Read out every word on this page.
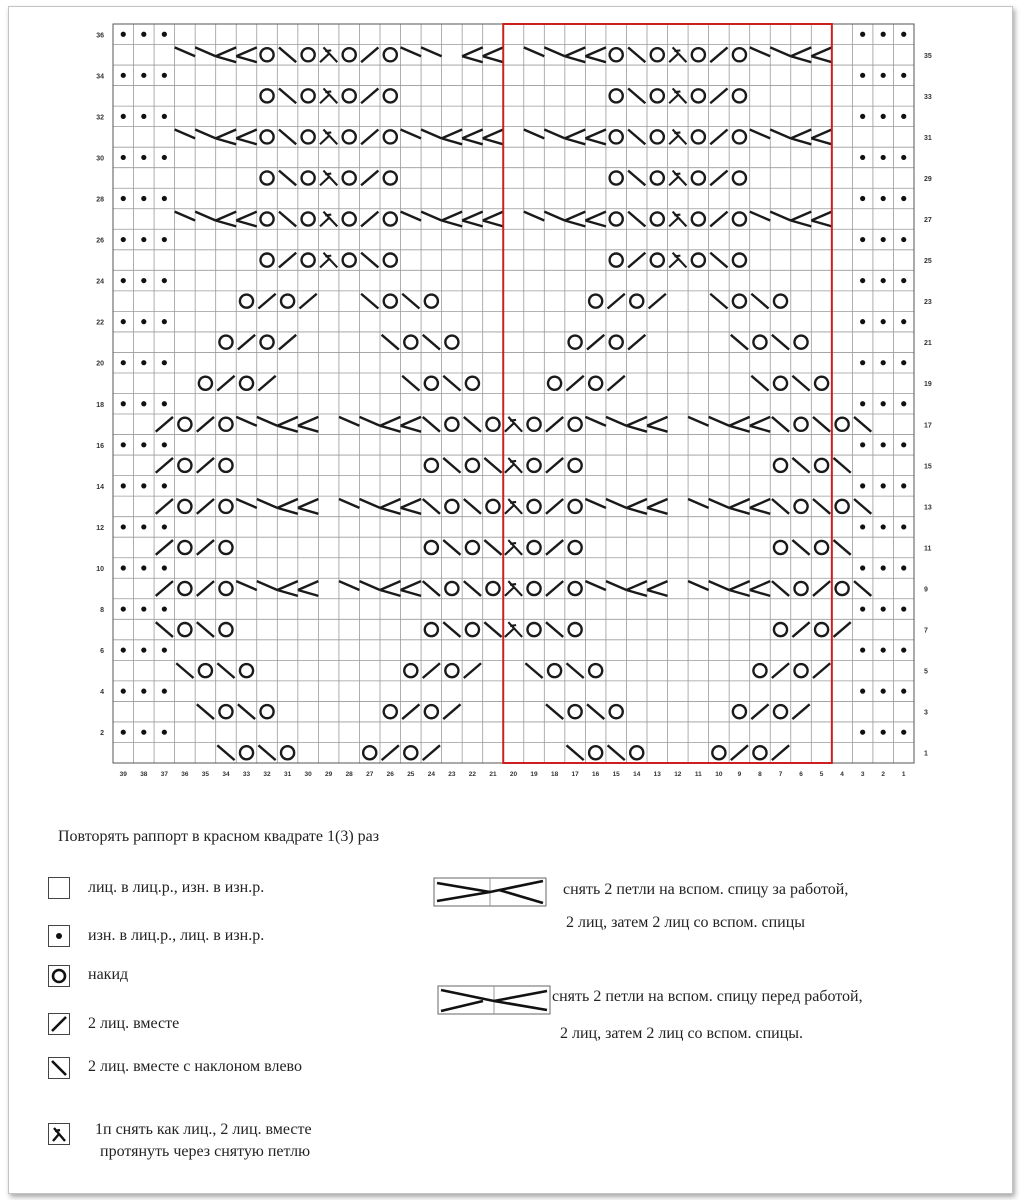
2
4
6
8
10
12
14
16
18
20
22
24
26
28
30
32
34
36
1
3
5
7
9
11
13
15
17
19
21
23
25
27
29
31
33
35
1
2
3
4
5
6
7
8
9
10
11
12
13
14
15
16
17
18
19
20
21
22
23
24
25
26
27
28
29
30
31
32
33
34
35
36
37
38
39
Повторять раппорт в красном квадрате 1(3) раз
лиц. в лиц.р., изн. в изн.р.
изн. в лиц.р., лиц. в изн.р.
накид
2 лиц. вместе
2 лиц. вместе с наклоном влево
1п снять как лиц., 2 лиц. вместе
протянуть через снятую петлю
снять 2 петли на вспом. спицу за работой,
2 лиц, затем 2 лиц со вспом. спицы
снять 2 петли на вспом. спицу перед работой,
2 лиц, затем 2 лиц со вспом. спицы.
